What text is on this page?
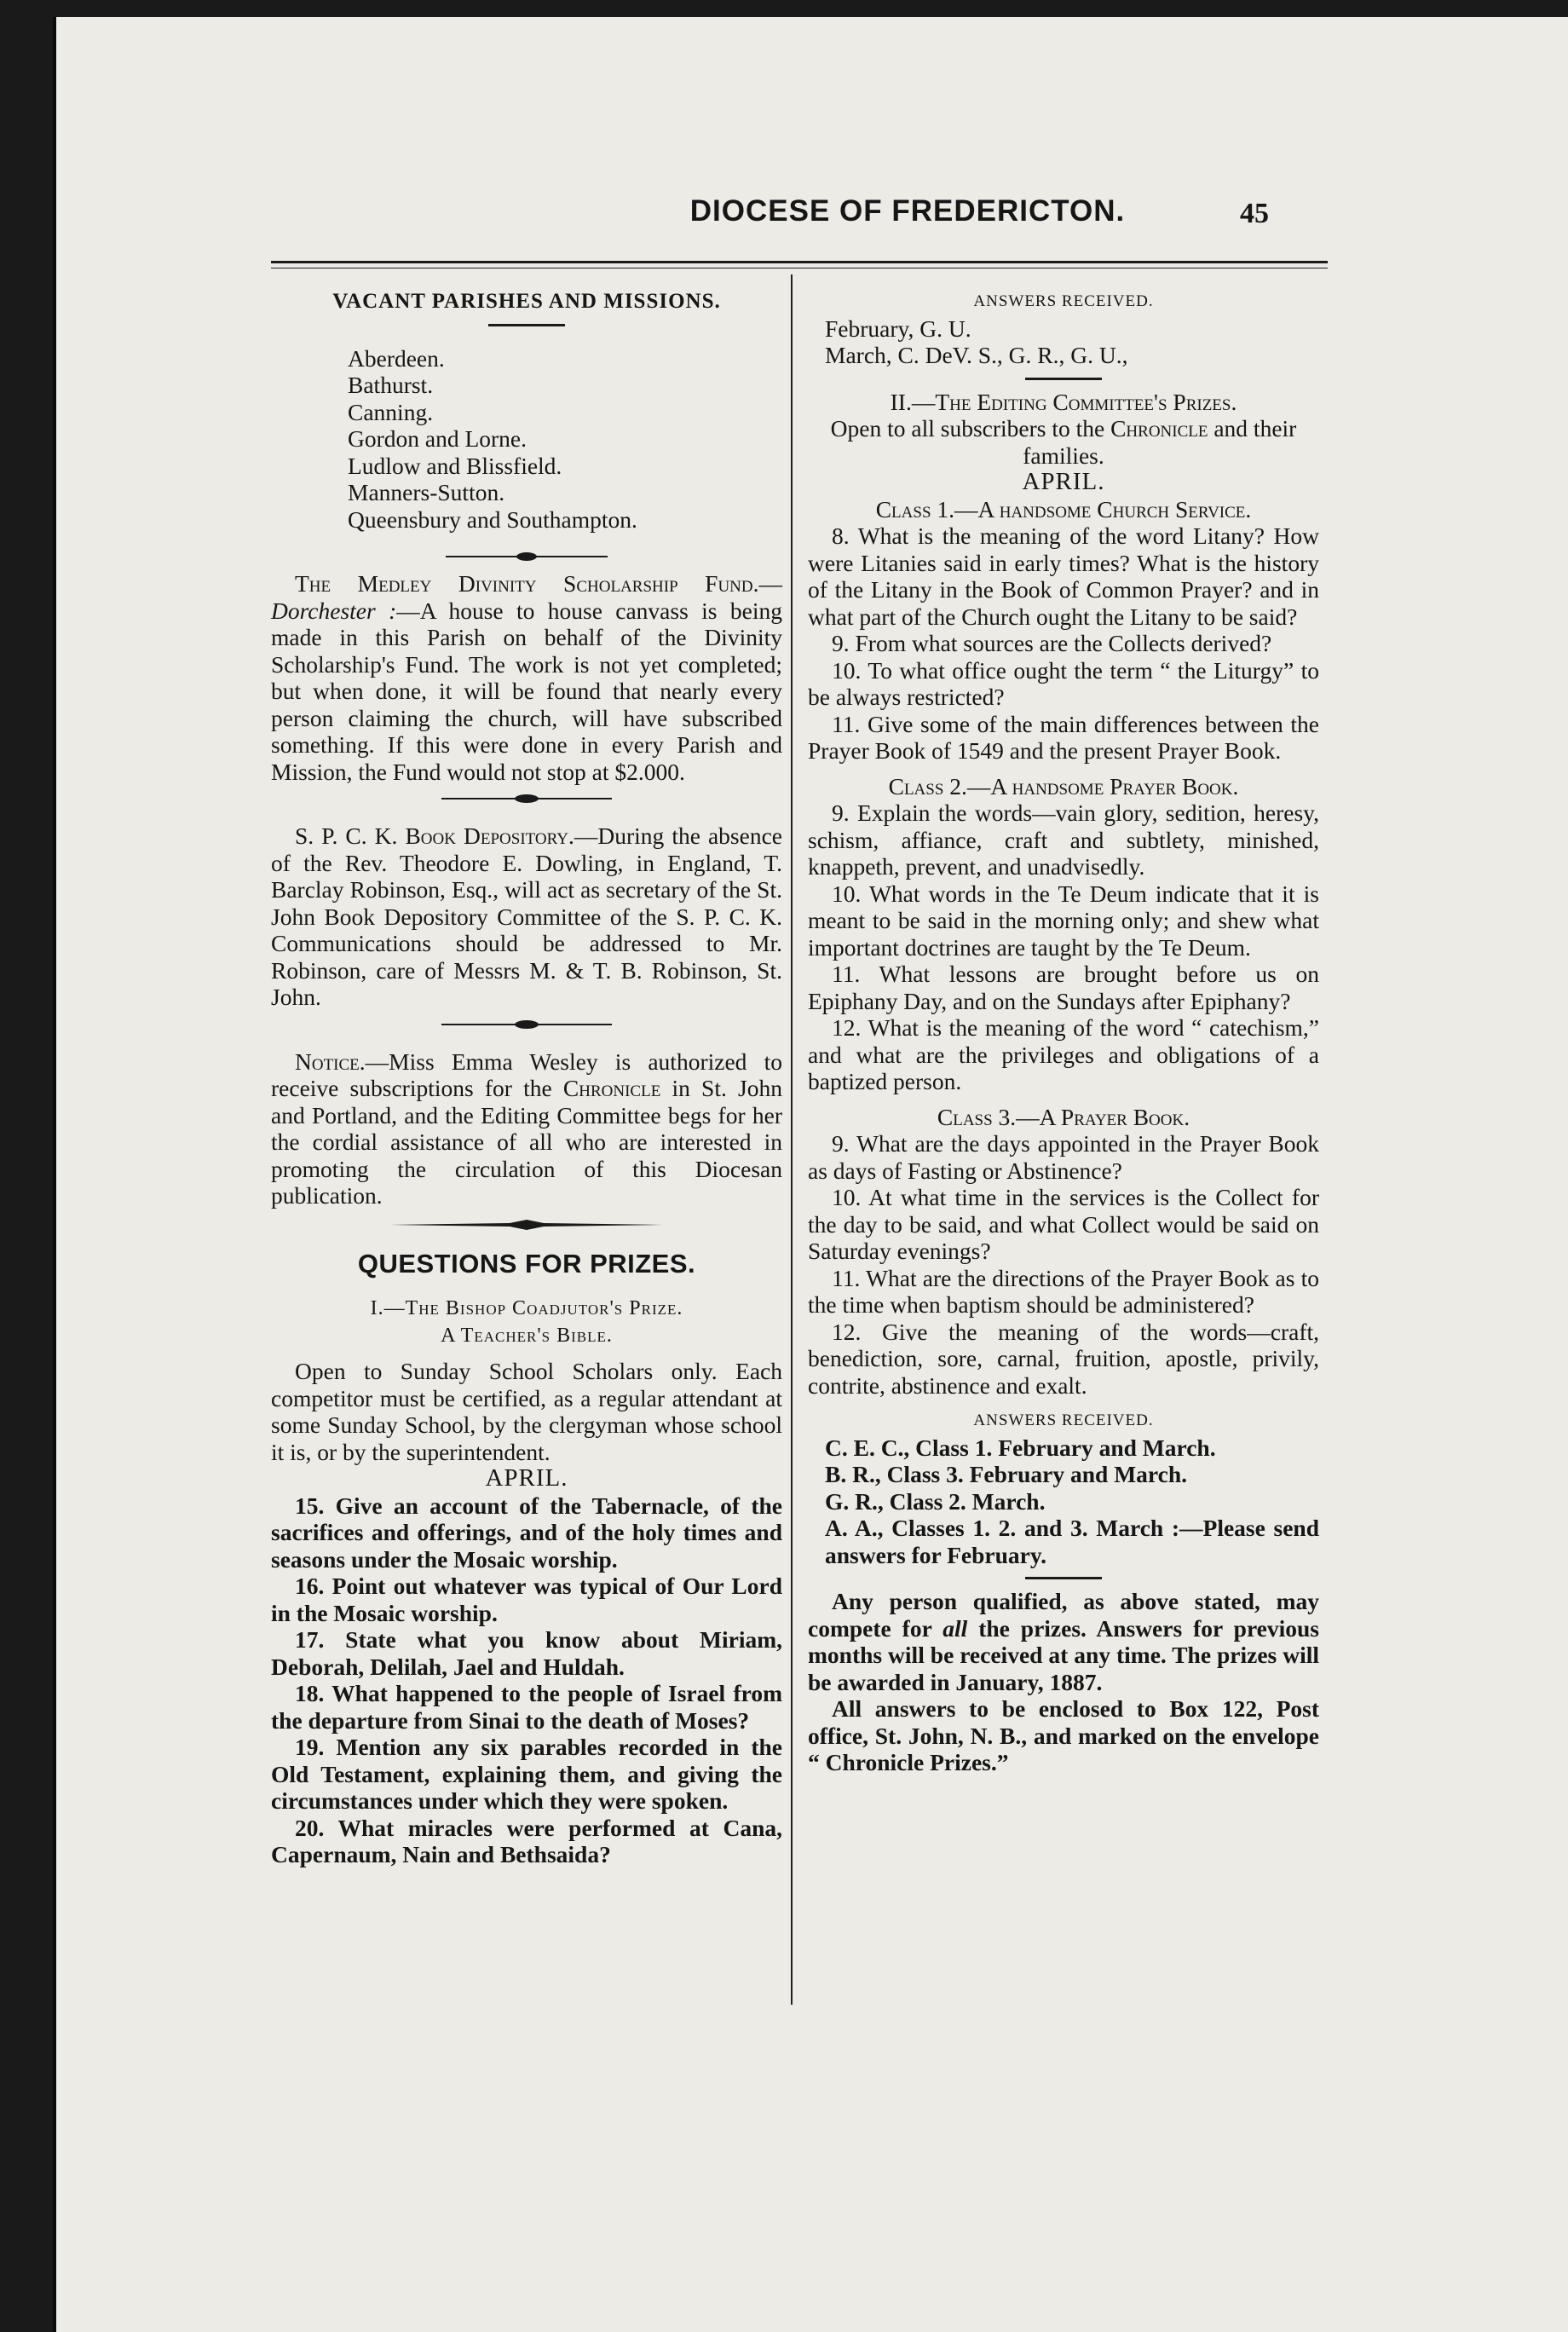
DIOCESE OF FREDERICTON.	45
VACANT PARISHES AND MISSIONS.
Aberdeen.
Bathurst.
Canning.
Gordon and Lorne.
Ludlow and Blissfield.
Manners-Sutton.
Queensbury and Southampton.

The Medley Divinity Scholarship Fund.—Dorchester :—A house to house canvass is being made in this Parish on behalf of the Divinity Scholarship's Fund. The work is not yet completed; but when done, it will be found that nearly every person claiming the church, will have subscribed something. If this were done in every Parish and Mission, the Fund would not stop at $2.000.

S. P. C. K. Book Depository.—During the absence of the Rev. Theodore E. Dowling, in England, T. Barclay Robinson, Esq., will act as secretary of the St. John Book Depository Committee of the S. P. C. K. Communications should be addressed to Mr. Robinson, care of Messrs M. & T. B. Robinson, St. John.

Notice.—Miss Emma Wesley is authorized to receive subscriptions for the Chronicle in St. John and Portland, and the Editing Committee begs for her the cordial assistance of all who are interested in promoting the circulation of this Diocesan publication.

QUESTIONS FOR PRIZES.
I.—The Bishop Coadjutor's Prize.
A Teacher's Bible.

Open to Sunday School Scholars only. Each competitor must be certified, as a regular attendant at some Sunday School, by the clergyman whose school it is, or by the superintendent.

APRIL.

15. Give an account of the Tabernacle, of the sacrifices and offerings, and of the holy times and seasons under the Mosaic worship.

16. Point out whatever was typical of Our Lord in the Mosaic worship.

17. State what you know about Miriam, Deborah, Delilah, Jael and Huldah.

18. What happened to the people of Israel from the departure from Sinai to the death of Moses?

19. Mention any six parables recorded in the Old Testament, explaining them, and giving the circumstances under which they were spoken.

20. What miracles were performed at Cana, Capernaum, Nain and Bethsaida?

ANSWERS RECEIVED.

February, G. U.

March, C. DeV. S., G. R., G. U.,

II.—The Editing Committee's Prizes.
Open to all subscribers to the Chronicle and their families.
APRIL.
Class 1.—A handsome Church Service.

8. What is the meaning of the word Litany? How were Litanies said in early times? What is the history of the Litany in the Book of Common Prayer? and in what part of the Church ought the Litany to be said?

9. From what sources are the Collects derived?

10. To what office ought the term “ the Liturgy” to be always restricted?

11. Give some of the main differences between the Prayer Book of 1549 and the present Prayer Book.

Class 2.—A handsome Prayer Book.

9. Explain the words—vain glory, sedition, heresy, schism, affiance, craft and subtlety, minished, knappeth, prevent, and unadvisedly.

10. What words in the Te Deum indicate that it is meant to be said in the morning only; and shew what important doctrines are taught by the Te Deum.

11. What lessons are brought before us on Epiphany Day, and on the Sundays after Epiphany?

12. What is the meaning of the word “ catechism,” and what are the privileges and obligations of a baptized person.

Class 3.—A Prayer Book.

9. What are the days appointed in the Prayer Book as days of Fasting or Abstinence?

10. At what time in the services is the Collect for the day to be said, and what Collect would be said on Saturday evenings?

11. What are the directions of the Prayer Book as to the time when baptism should be administered?

12. Give the meaning of the words—craft, benediction, sore, carnal, fruition, apostle, privily, contrite, abstinence and exalt.

ANSWERS RECEIVED.

C. E. C., Class 1. February and March.

B. R., Class 3. February and March.

G. R., Class 2. March.

A. A., Classes 1. 2. and 3. March :—Please send answers for February.

Any person qualified, as above stated, may compete for all the prizes. Answers for previous months will be received at any time. The prizes will be awarded in January, 1887.

All answers to be enclosed to Box 122, Post office, St. John, N. B., and marked on the envelope “ Chronicle Prizes.”
